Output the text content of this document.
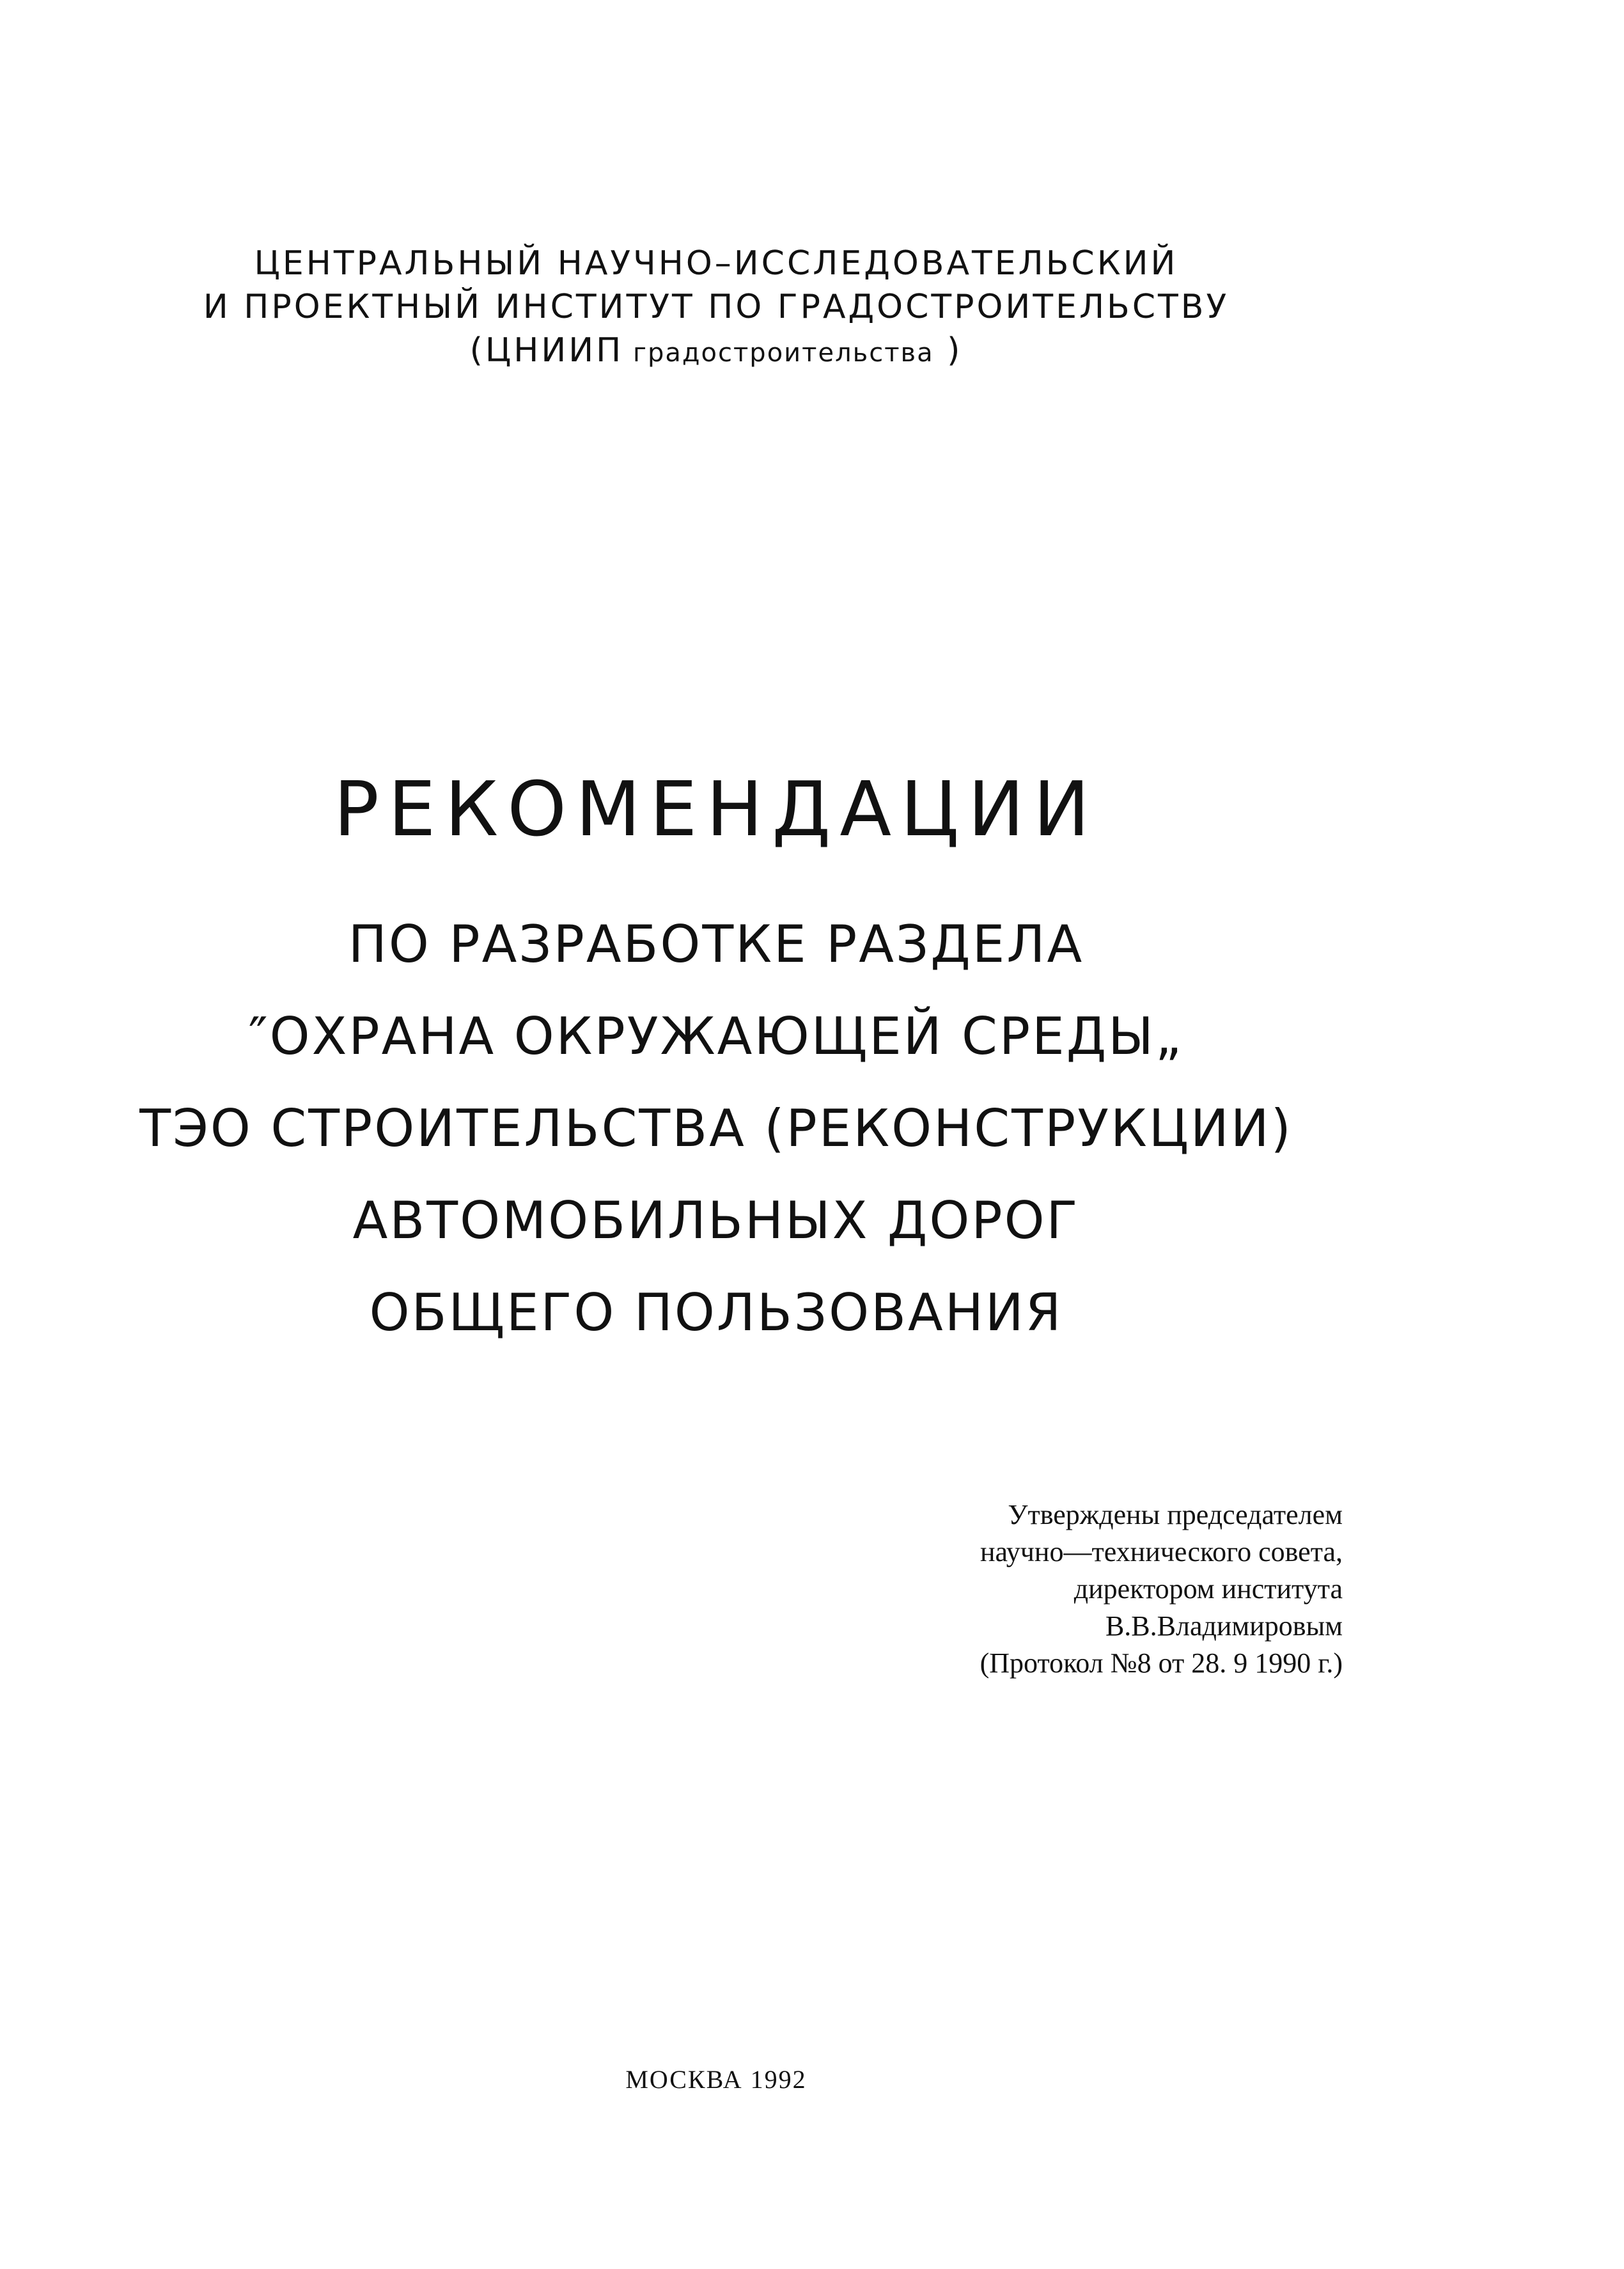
ЦЕНТРАЛЬНЫЙ НАУЧНО–ИССЛЕДОВАТЕЛЬСКИЙ
И ПРОЕКТНЫЙ ИНСТИТУТ ПО ГРАДОСТРОИТЕЛЬСТВУ
(ЦНИИП градостроительства )
РЕКОМЕНДАЦИИ
ПО РАЗРАБОТКЕ РАЗДЕЛА
″ОХРАНА ОКРУЖАЮЩЕЙ СРЕДЫ„
ТЭО СТРОИТЕЛЬСТВА (РЕКОНСТРУКЦИИ)
АВТОМОБИЛЬНЫХ ДОРОГ
ОБЩЕГО ПОЛЬЗОВАНИЯ
Утверждены председателем
научно—технического совета,
директором института
В.В.Владимировым
(Протокол №8 от 28. 9 1990 г.)
МОСКВА 1992
